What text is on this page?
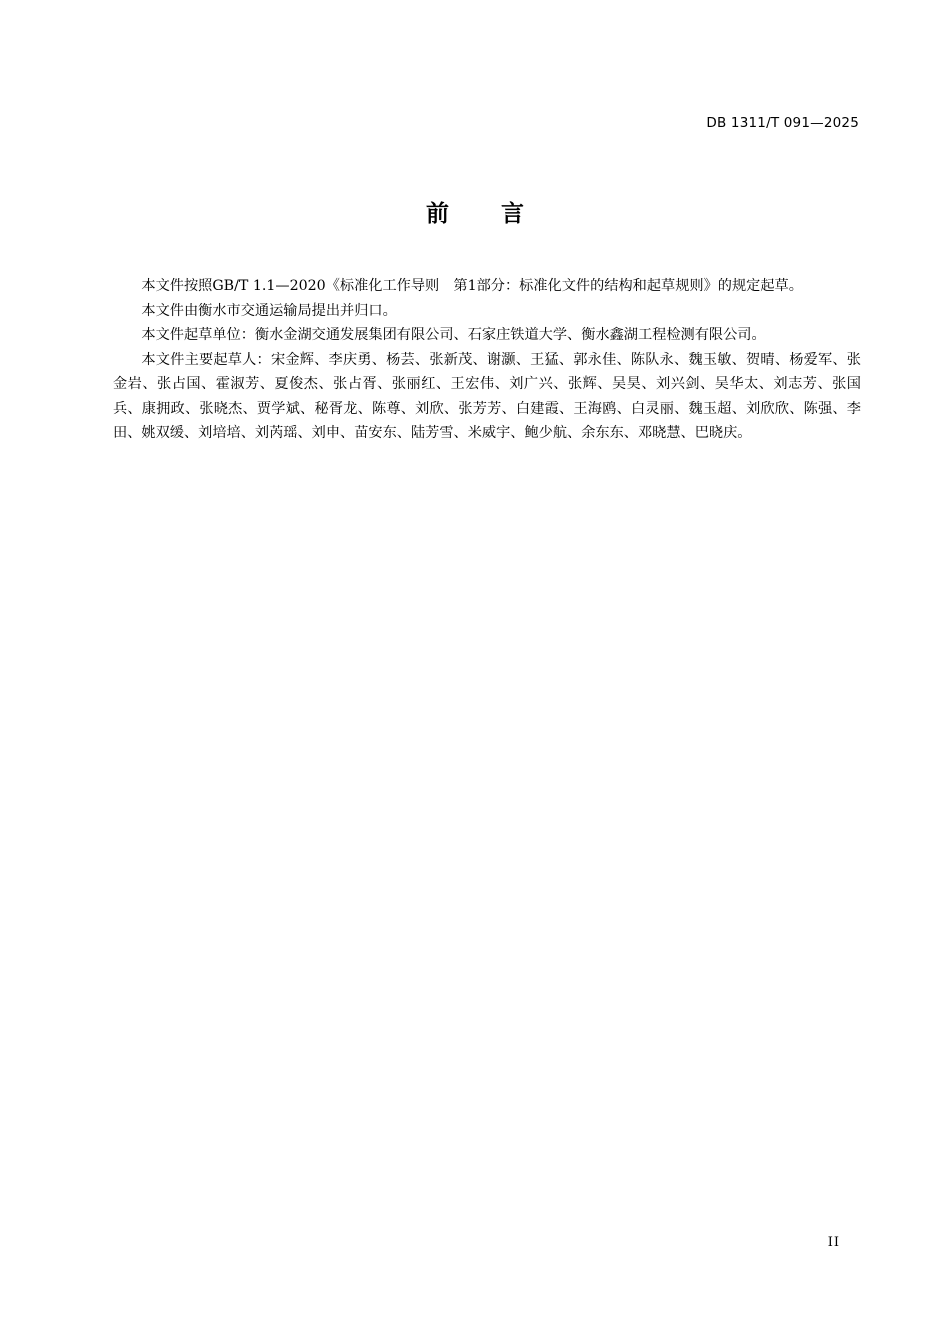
DB 1311/T 091—2025
前言

本文件按照GB/T 1.1—2020《标准化工作导则　第1部分：标准化文件的结构和起草规则》的规定起草。

本文件由衡水市交通运输局提出并归口。

本文件起草单位：衡水金湖交通发展集团有限公司、石家庄铁道大学、衡水鑫湖工程检测有限公司。

本文件主要起草人：宋金辉、李庆勇、杨芸、张新茂、谢灏、王猛、郭永佳、陈队永、魏玉敏、贺晴、杨爱军、张金岩、张占国、霍淑芳、夏俊杰、张占胥、张丽红、王宏伟、刘广兴、张辉、吴昊、刘兴剑、吴华太、刘志芳、张国兵、康拥政、张晓杰、贾学斌、秘胥龙、陈尊、刘欣、张芳芳、白建霞、王海鸥、白灵丽、魏玉超、刘欣欣、陈强、李田、姚双缓、刘培培、刘芮瑶、刘申、苗安东、陆芳雪、米威宇、鲍少航、余东东、邓晓慧、巴晓庆。

II
